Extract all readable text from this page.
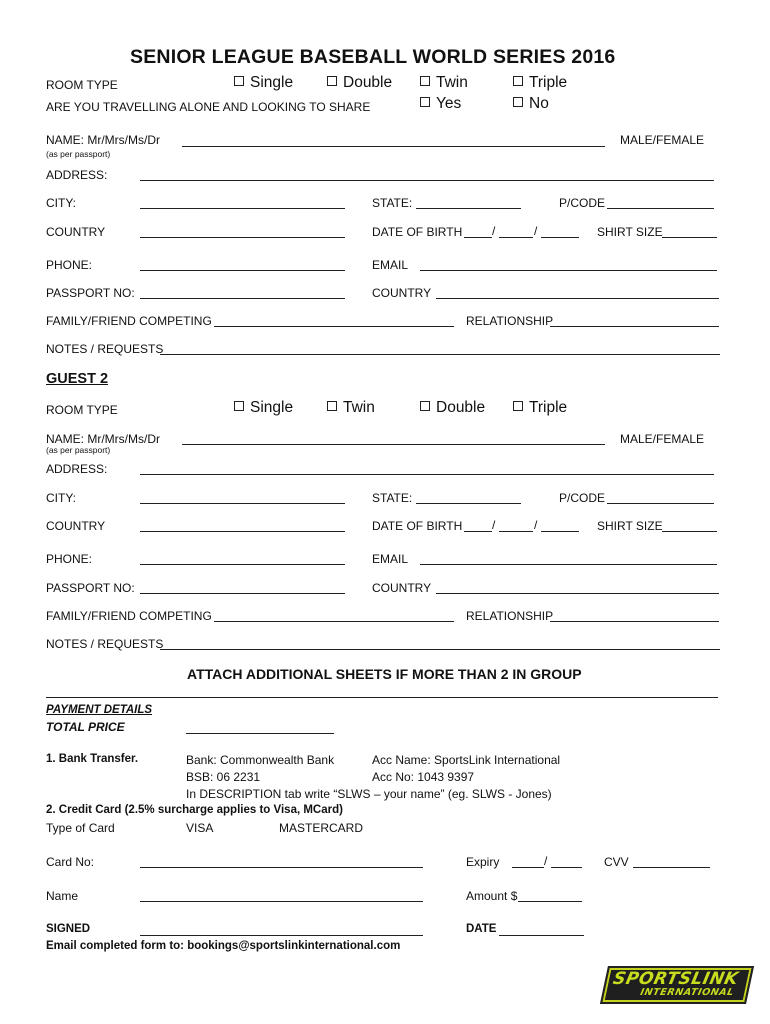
SENIOR LEAGUE BASEBALL WORLD SERIES 2016
ROOM TYPE	Single	Double	Twin	Triple
ARE YOU TRAVELLING ALONE AND LOOKING TO SHARE	Yes	No
NAME: Mr/Mrs/Ms/Dr	MALE/FEMALE
(as per passport)
ADDRESS:
CITY:	STATE:	P/CODE
COUNTRY	DATE OF BIRTH /	/	SHIRT SIZE
PHONE:	EMAIL
PASSPORT NO:	COUNTRY
FAMILY/FRIEND COMPETING	RELATIONSHIP
NOTES / REQUESTS
GUEST 2
ROOM TYPE	Single	Twin	Double	Triple
NAME: Mr/Mrs/Ms/Dr	MALE/FEMALE
(as per passport)
ADDRESS:
CITY:	STATE:	P/CODE
COUNTRY	DATE OF BIRTH /	/	SHIRT SIZE
PHONE:	EMAIL
PASSPORT NO:	COUNTRY
FAMILY/FRIEND COMPETING	RELATIONSHIP
NOTES / REQUESTS
ATTACH ADDITIONAL SHEETS IF MORE THAN 2 IN GROUP
PAYMENT DETAILS
TOTAL PRICE
1. Bank Transfer.	Bank: Commonwealth Bank	Acc Name: SportsLink International
BSB: 06 2231	Acc No: 1043 9397
In DESCRIPTION tab write “SLWS – your name” (eg. SLWS - Jones)
2. Credit Card (2.5% surcharge applies to Visa, MCard)
Type of Card	VISA	MASTERCARD
Card No:	Expiry	/	CVV
Name	Amount $
SIGNED	DATE
Email completed form to: bookings@sportslinkinternational.com
SPORTSLINK
INTERNATIONAL
